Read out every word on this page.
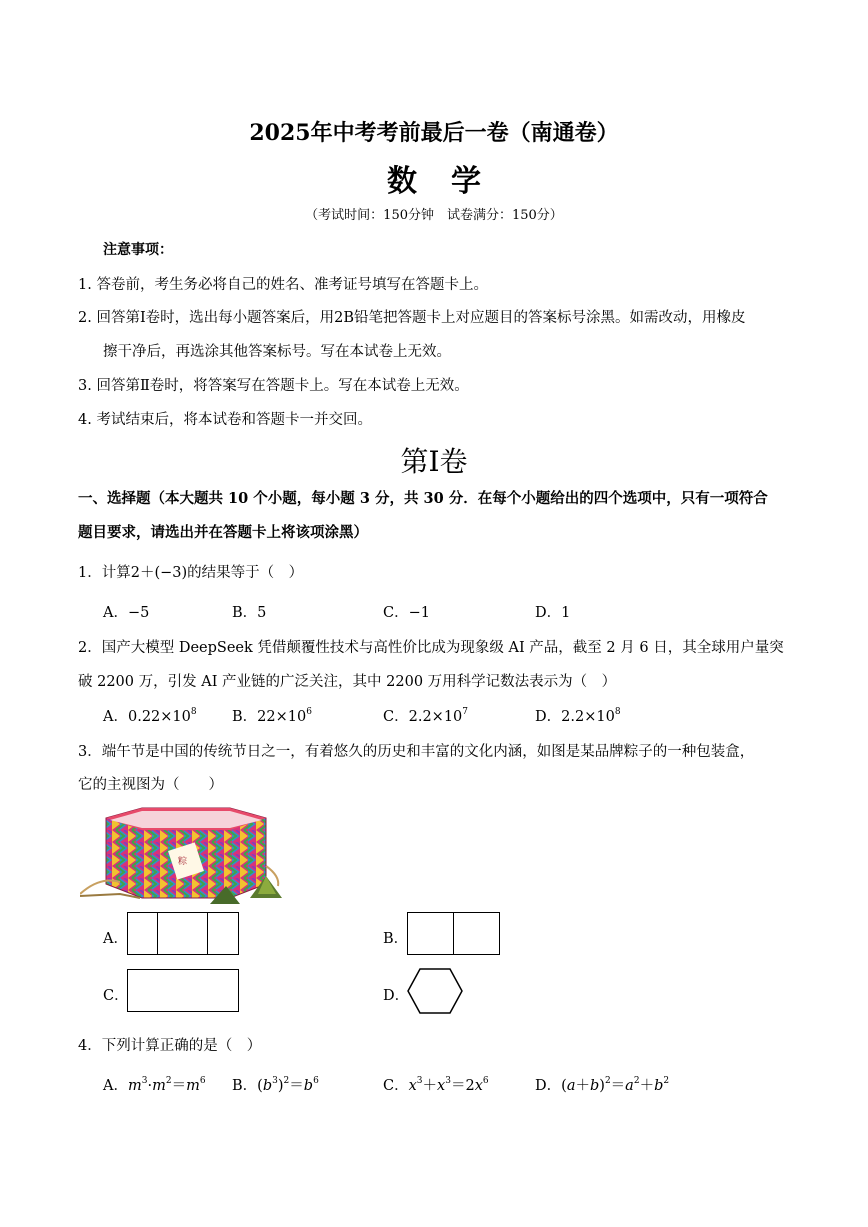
2025年中考考前最后一卷（南通卷）
数学
（考试时间：150分钟　试卷满分：150分）
注意事项：
1. 答卷前，考生务必将自己的姓名、准考证号填写在答题卡上。
2. 回答第Ⅰ卷时，选出每小题答案后，用2B铅笔把答题卡上对应题目的答案标号涂黑。如需改动，用橡皮
擦干净后，再选涂其他答案标号。写在本试卷上无效。
3. 回答第Ⅱ卷时，将答案写在答题卡上。写在本试卷上无效。
4. 考试结束后，将本试卷和答题卡一并交回。
第Ⅰ卷
一、选择题（本大题共 10 个小题，每小题 3 分，共 30 分．在每个小题给出的四个选项中，只有一项符合
题目要求，请选出并在答题卡上将该项涂黑）
1．计算2＋(−3)的结果等于（　）
A．−5	B．5	C．−1	D．1
2．国产大模型 DeepSeek 凭借颠覆性技术与高性价比成为现象级 AI 产品，截至 2 月 6 日，其全球用户量突
破 2200 万，引发 AI 产业链的广泛关注，其中 2200 万用科学记数法表示为（　）
A．$0.22\times 10^8$ B．$22\times 10^6$	C．$2.2\times 10^7$	D．$2.2\times 10^8$
3．端午节是中国的传统节日之一，有着悠久的历史和丰富的文化内涵，如图是某品牌粽子的一种包装盒，
它的主视图为（　　）
粽
A．	B．
C．	D．
4．下列计算正确的是（　）
A．$m^3\cdot m^2=m^6$ B．$(b^3)^2=b^6$	C．$x^3+x^3=2x^6$	D．$(a+b)^2=a^2+b^2$
